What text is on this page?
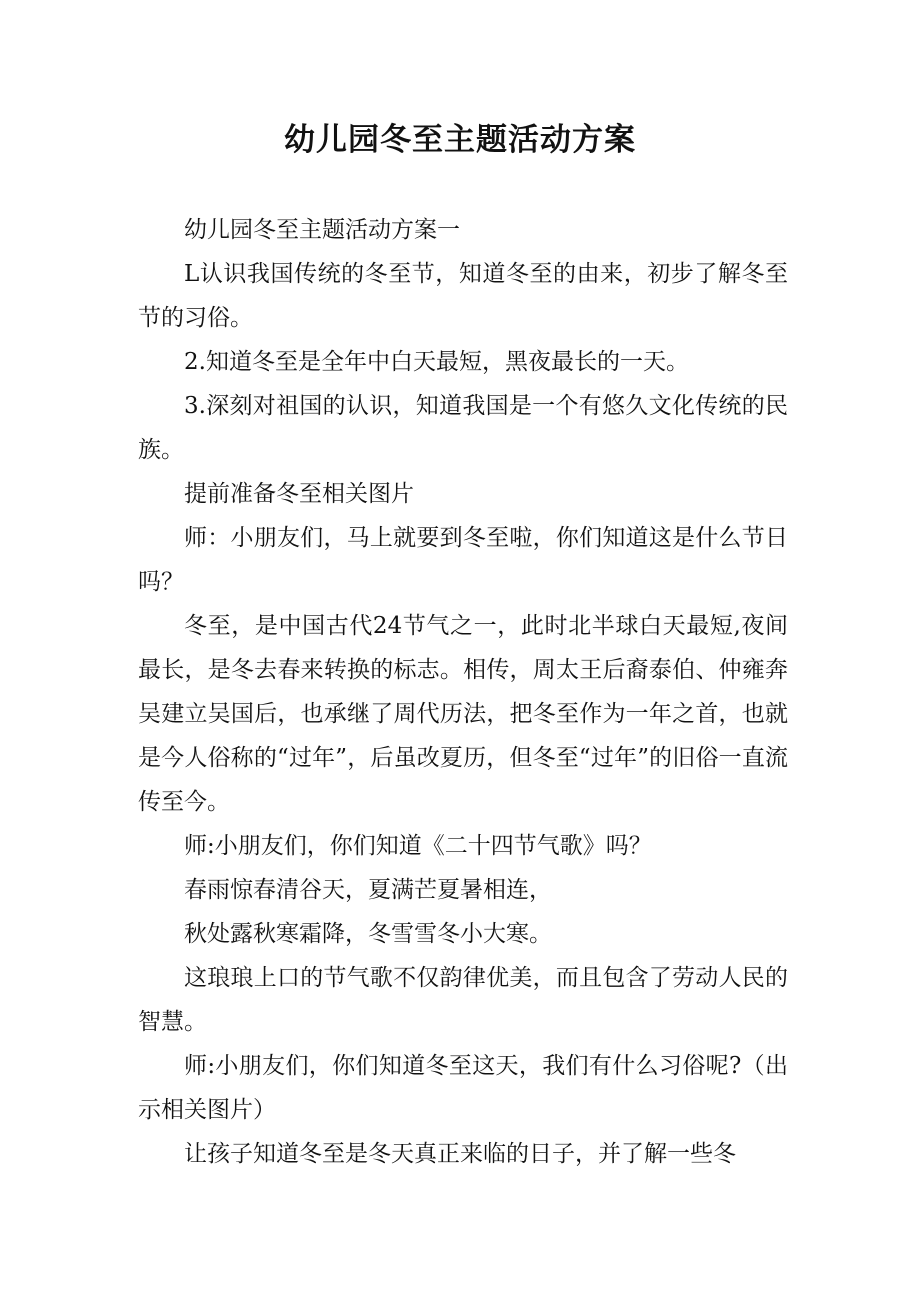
幼儿园冬至主题活动方案

幼儿园冬至主题活动方案一

L认识我国传统的冬至节，知道冬至的由来，初步了解冬至节的习俗。

2.知道冬至是全年中白天最短，黑夜最长的一天。

3.深刻对祖国的认识，知道我国是一个有悠久文化传统的民族。

提前准备冬至相关图片

师：小朋友们，马上就要到冬至啦，你们知道这是什么节日吗？

冬至，是中国古代24节气之一，此时北半球白天最短,夜间最长，是冬去春来转换的标志。相传，周太王后裔泰伯、仲雍奔吴建立吴国后，也承继了周代历法，把冬至作为一年之首，也就是今人俗称的“过年”，后虽改夏历，但冬至“过年”的旧俗一直流传至今。

师:小朋友们，你们知道《二十四节气歌》吗？

春雨惊春清谷天，夏满芒夏暑相连，

秋处露秋寒霜降，冬雪雪冬小大寒。

这琅琅上口的节气歌不仅韵律优美，而且包含了劳动人民的智慧。

师:小朋友们，你们知道冬至这天，我们有什么习俗呢?（出示相关图片）

让孩子知道冬至是冬天真正来临的日子，并了解一些冬
